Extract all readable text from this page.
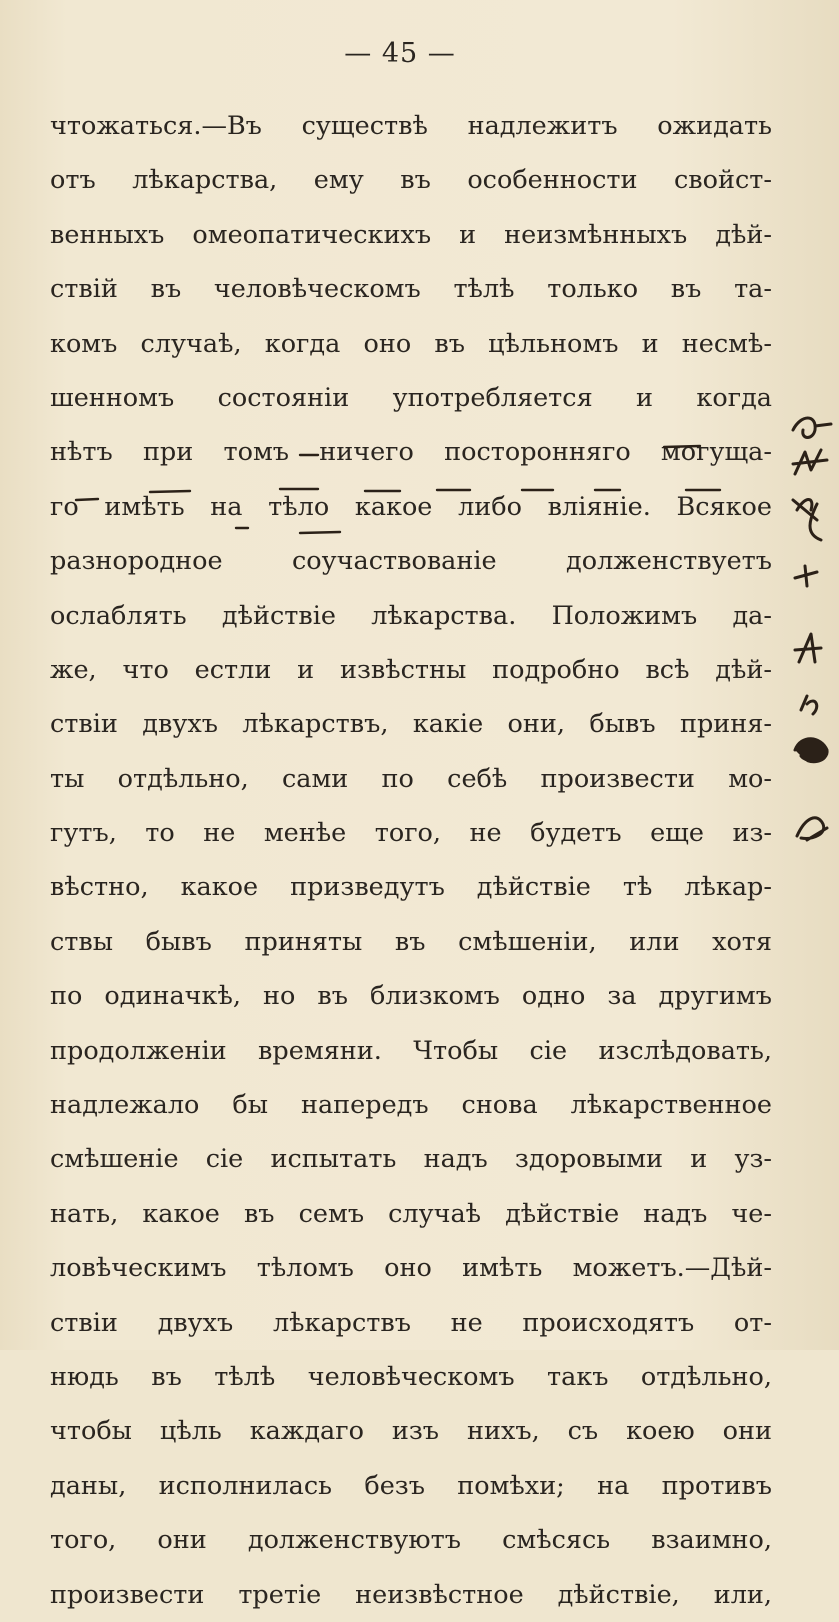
— 45 —
чтожаться.—Въ существѣ надлежитъ ожидать
отъ лѣкарства, ему въ особенности свойст-
венныхъ омеопатическихъ и неизмѣнныхъ дѣй-
ствій въ человѣческомъ тѣлѣ только въ та-
комъ случаѣ, когда оно въ цѣльномъ и несмѣ-
шенномъ состояніи употребляется и когда
нѣтъ при томъ ничего посторонняго могуща-
го имѣть на тѣло какое либо вліяніе. Всякое
разнородное соучаствованіе долженствуетъ
ослаблять дѣйствіе лѣкарства. Положимъ да-
же, что естли и извѣстны подробно всѣ дѣй-
ствіи двухъ лѣкарствъ, какіе они, бывъ приня-
ты отдѣльно, сами по себѣ произвести мо-
гутъ, то не менѣе того, не будетъ еще из-
вѣстно, какое призведутъ дѣйствіе тѣ лѣкар-
ствы бывъ приняты въ смѣшеніи, или хотя
по одиначкѣ, но въ близкомъ одно за другимъ
продолженіи времяни. Чтобы сіе изслѣдовать,
надлежало бы напередъ снова лѣкарственное
смѣшеніе сіе испытать надъ здоровыми и уз-
нать, какое въ семъ случаѣ дѣйствіе надъ че-
ловѣческимъ тѣломъ оно имѣть можетъ.—Дѣй-
ствіи двухъ лѣкарствъ не происходятъ от-
нюдь въ тѣлѣ человѣческомъ такъ отдѣльно,
чтобы цѣль каждаго изъ нихъ, съ коею они
даны, исполнилась безъ помѣхи; на противъ
того, они долженствуютъ смѣсясь взаимно,
произвести третіе неизвѣстное дѣйствіе, или,
